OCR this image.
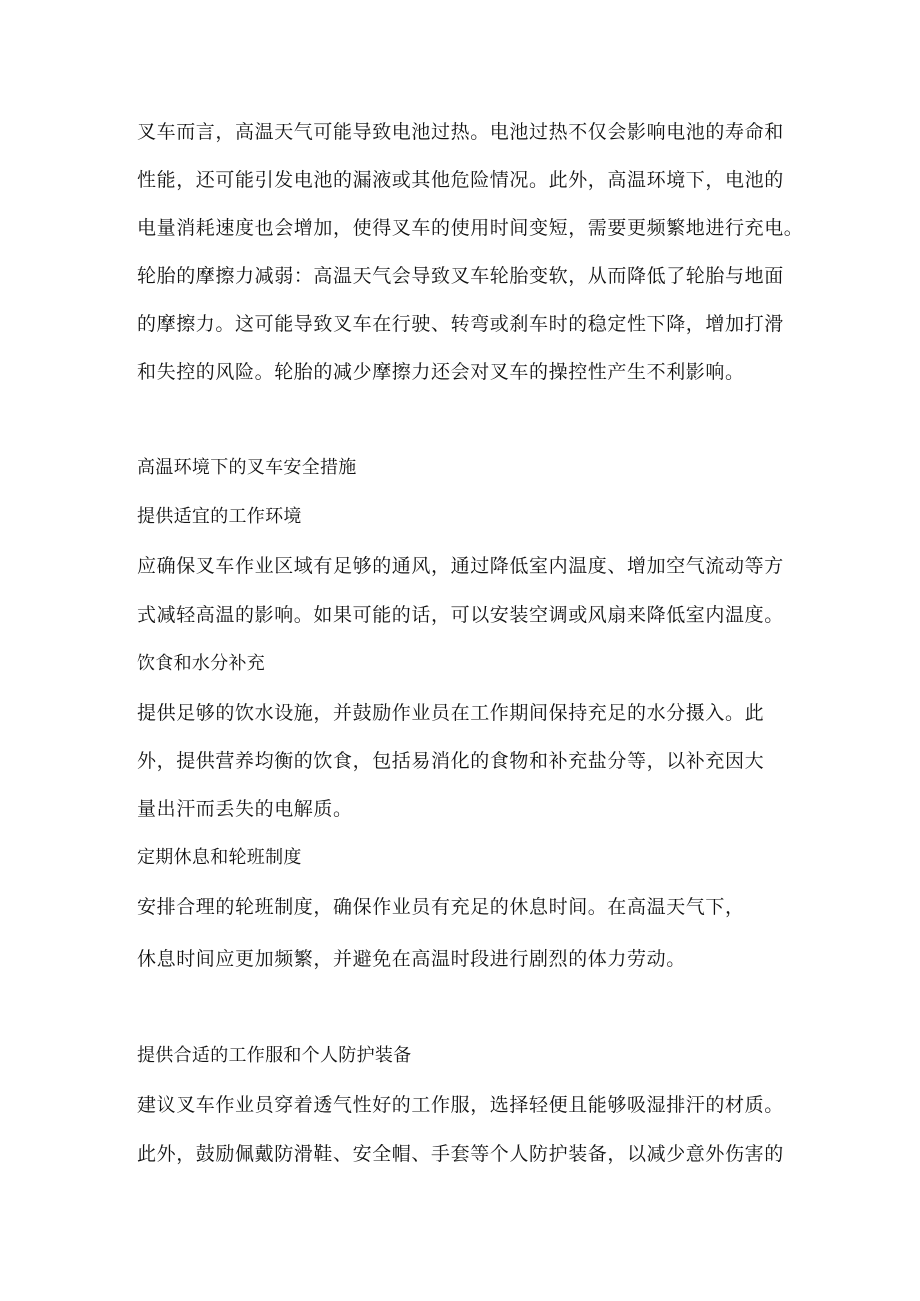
叉车而言，高温天气可能导致电池过热。电池过热不仅会影响电池的寿命和
性能，还可能引发电池的漏液或其他危险情况。此外，高温环境下，电池的
电量消耗速度也会增加，使得叉车的使用时间变短，需要更频繁地进行充电。
轮胎的摩擦力减弱：高温天气会导致叉车轮胎变软，从而降低了轮胎与地面
的摩擦力。这可能导致叉车在行驶、转弯或刹车时的稳定性下降，增加打滑
和失控的风险。轮胎的减少摩擦力还会对叉车的操控性产生不利影响。
高温环境下的叉车安全措施
提供适宜的工作环境
应确保叉车作业区域有足够的通风，通过降低室内温度、增加空气流动等方
式减轻高温的影响。如果可能的话，可以安装空调或风扇来降低室内温度。
饮食和水分补充
提供足够的饮水设施，并鼓励作业员在工作期间保持充足的水分摄入。此
外，提供营养均衡的饮食，包括易消化的食物和补充盐分等，以补充因大
量出汗而丢失的电解质。
定期休息和轮班制度
安排合理的轮班制度，确保作业员有充足的休息时间。在高温天气下，
休息时间应更加频繁，并避免在高温时段进行剧烈的体力劳动。
提供合适的工作服和个人防护装备
建议叉车作业员穿着透气性好的工作服，选择轻便且能够吸湿排汗的材质。
此外，鼓励佩戴防滑鞋、安全帽、手套等个人防护装备，以减少意外伤害的
